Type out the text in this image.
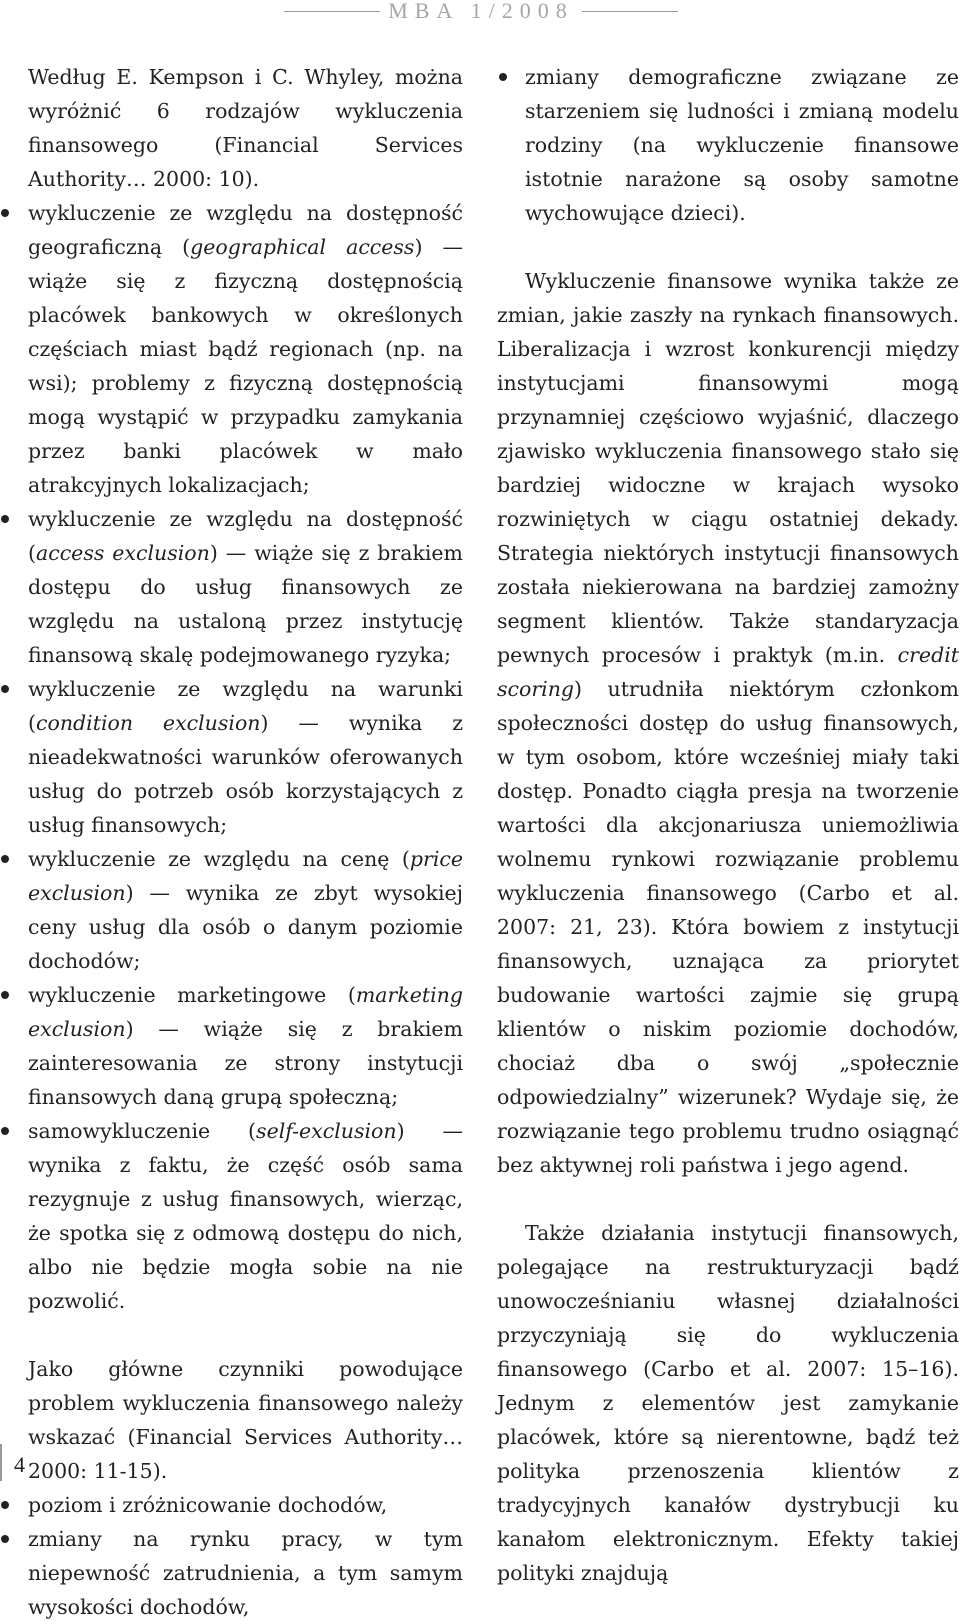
MBA 1/2008

Według E. Kempson i C. Whyley, można wyróżnić 6 rodzajów wykluczenia finansowego (Financial Services Authority… 2000: 10).

wykluczenie ze względu na dostępność geograficzną (geographical access) — wiąże się z fizyczną dostępnością placówek bankowych w określonych częściach miast bądź regionach (np. na wsi); problemy z fizyczną dostępnością mogą wystąpić w przypadku zamykania przez banki placówek w mało atrakcyjnych lokalizacjach;
wykluczenie ze względu na dostępność (access exclusion) — wiąże się z brakiem dostępu do usług finansowych ze względu na ustaloną przez instytucję finansową skalę podejmowanego ryzyka;
wykluczenie ze względu na warunki (condition exclusion) — wynika z nieadekwatności warunków oferowanych usług do potrzeb osób korzystających z usług finansowych;
wykluczenie ze względu na cenę (price exclusion) — wynika ze zbyt wysokiej ceny usług dla osób o danym poziomie dochodów;
wykluczenie marketingowe (marketing exclusion) — wiąże się z brakiem zainteresowania ze strony instytucji finansowych daną grupą społeczną;
samowykluczenie (self-exclusion) — wynika z faktu, że część osób sama rezygnuje z usług finansowych, wierząc, że spotka się z odmową dostępu do nich, albo nie będzie mogła sobie na nie pozwolić.

Jako główne czynniki powodujące problem wykluczenia finansowego należy wskazać (Financial Services Authority… 2000: 11-15).

poziom i zróżnicowanie dochodów,
zmiany na rynku pracy, w tym niepewność zatrudnienia, a tym samym wysokości dochodów,
zmiany demograficzne związane ze starzeniem się ludności i zmianą modelu rodziny (na wykluczenie finansowe istotnie narażone są osoby samotne wychowujące dzieci).

Wykluczenie finansowe wynika także ze zmian, jakie zaszły na rynkach finansowych. Liberalizacja i wzrost konkurencji między instytucjami finansowymi mogą przynamniej częściowo wyjaśnić, dlaczego zjawisko wykluczenia finansowego stało się bardziej widoczne w krajach wysoko rozwiniętych w ciągu ostatniej dekady. Strategia niektórych instytucji finansowych została niekierowana na bardziej zamożny segment klientów. Także standaryzacja pewnych procesów i praktyk (m.in. credit scoring) utrudniła niektórym członkom społeczności dostęp do usług finansowych, w tym osobom, które wcześniej miały taki dostęp. Ponadto ciągła presja na tworzenie wartości dla akcjonariusza uniemożliwia wolnemu rynkowi rozwiązanie problemu wykluczenia finansowego (Carbo et al. 2007: 21, 23). Która bowiem z instytucji finansowych, uznająca za priorytet budowanie wartości zajmie się grupą klientów o niskim poziomie dochodów, chociaż dba o swój „społecznie odpowiedzialny” wizerunek? Wydaje się, że rozwiązanie tego problemu trudno osiągnąć bez aktywnej roli państwa i jego agend.

Także działania instytucji finansowych, polegające na restrukturyzacji bądź unowocześnianiu własnej działalności przyczyniają się do wykluczenia finansowego (Carbo et al. 2007: 15–16). Jednym z elementów jest zamykanie placówek, które są nierentowne, bądź też polityka przenoszenia klientów z tradycyjnych kanałów dystrybucji ku kanałom elektronicznym. Efekty takiej polityki znajdują

4
